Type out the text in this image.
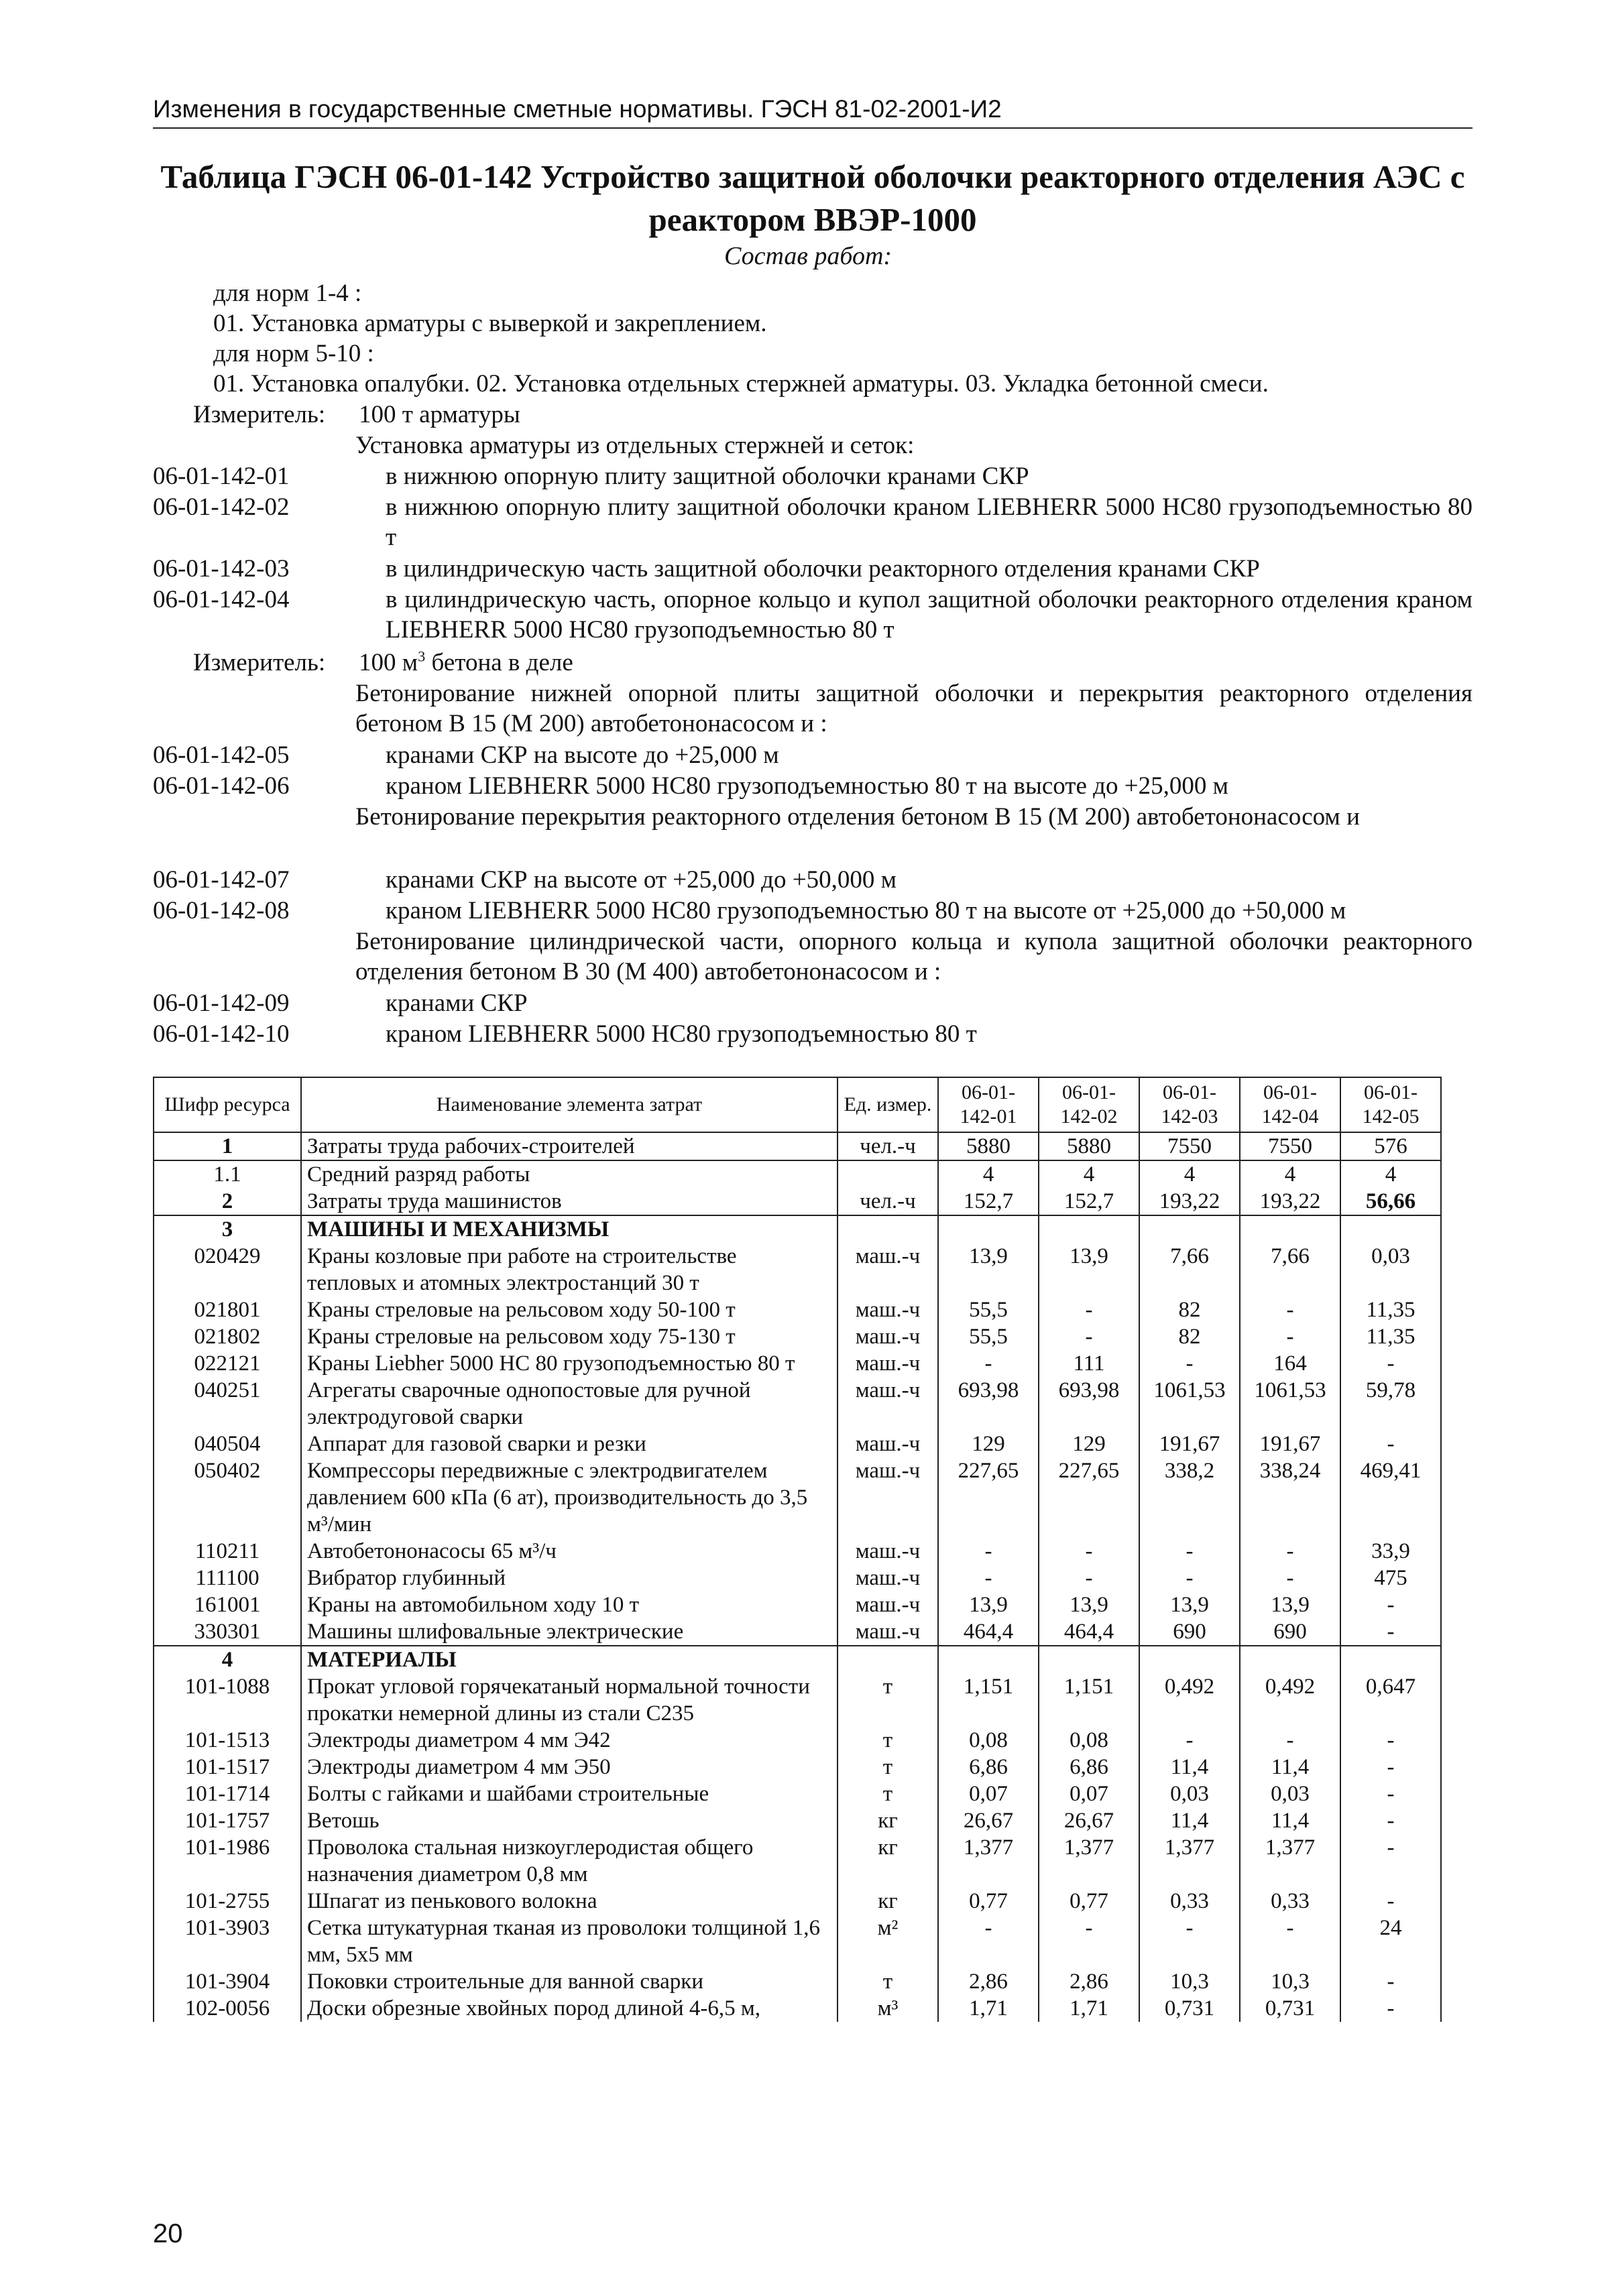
Изменения в государственные сметные нормативы. ГЭСН 81-02-2001-И2
Таблица ГЭСН 06-01-142 Устройство защитной оболочки реакторного отделения АЭС с
реактором ВВЭР-1000
Состав работ:
для норм 1-4 :
01. Установка арматуры с выверкой и закреплением.
для норм 5-10 :
01. Установка опалубки. 02. Установка отдельных стержней арматуры. 03. Укладка бетонной смеси.
Измеритель: 100 т арматуры
Установка арматуры из отдельных стержней и сеток:
06-01-142-01	в нижнюю опорную плиту защитной оболочки кранами СКР
06-01-142-02	в нижнюю опорную плиту защитной оболочки краном LIEBHERR 5000 HC80 грузоподъемностью 80 т
06-01-142-03	в цилиндрическую часть защитной оболочки реакторного отделения кранами СКР
06-01-142-04	в цилиндрическую часть, опорное кольцо и купол защитной оболочки реакторного отделения краном LIEBHERR 5000 HC80 грузоподъемностью 80 т
Измеритель: 100 $м^3$ бетона в деле
Бетонирование нижней опорной плиты защитной оболочки и перекрытия реакторного отделения бетоном В 15 (М 200) автобетононасосом и :
06-01-142-05	кранами СКР на высоте до +25,000 м
06-01-142-06	краном LIEBHERR 5000 HC80 грузоподъемностью 80 т на высоте до +25,000 м
Бетонирование перекрытия реакторного отделения бетоном В 15 (М 200) автобетононасосом и
06-01-142-07	кранами СКР на высоте от +25,000 до +50,000 м
06-01-142-08	краном LIEBHERR 5000 HC80 грузоподъемностью 80 т на высоте от +25,000 до +50,000 м
Бетонирование цилиндрической части, опорного кольца и купола защитной оболочки реакторного отделения бетоном В 30 (М 400) автобетононасосом и :
06-01-142-09	кранами СКР
06-01-142-10	краном LIEBHERR 5000 HC80 грузоподъемностью 80 т
Шифр ресурса	Наименование элемента затрат	Ед. измер.	06-01-142-01	06-01-142-02	06-01-142-03	06-01-142-04	06-01-142-05
1	Затраты труда рабочих-строителей	чел.-ч	5880	5880	7550	7550	576
1.1	Средний разряд работы		4	4	4	4	4
2	Затраты труда машинистов	чел.-ч	152,7	152,7	193,22	193,22	56,66
3	МАШИНЫ И МЕХАНИЗМЫ						
020429	Краны козловые при работе на строительстве тепловых и атомных электростанций 30 т	маш.-ч	13,9	13,9	7,66	7,66	0,03
021801	Краны стреловые на рельсовом ходу 50-100 т	маш.-ч	55,5	-	82	-	11,35
021802	Краны стреловые на рельсовом ходу 75-130 т	маш.-ч	55,5	-	82	-	11,35
022121	Краны Liebher 5000 HC 80 грузоподъемностью 80 т	маш.-ч	-	111	-	164	-
040251	Агрегаты сварочные однопостовые для ручной электродуговой сварки	маш.-ч	693,98	693,98	1061,53	1061,53	59,78
040504	Аппарат для газовой сварки и резки	маш.-ч	129	129	191,67	191,67	-
050402	Компрессоры передвижные с электродвигателем давлением 600 кПа (6 ат), производительность до 3,5 м³/мин	маш.-ч	227,65	227,65	338,2	338,24	469,41
110211	Автобетононасосы 65 м³/ч	маш.-ч	-	-	-	-	33,9
111100	Вибратор глубинный	маш.-ч	-	-	-	-	475
161001	Краны на автомобильном ходу 10 т	маш.-ч	13,9	13,9	13,9	13,9	-
330301	Машины шлифовальные электрические	маш.-ч	464,4	464,4	690	690	-
4	МАТЕРИАЛЫ						
101-1088	Прокат угловой горячекатаный нормальной точности прокатки немерной длины из стали С235	т	1,151	1,151	0,492	0,492	0,647
101-1513	Электроды диаметром 4 мм Э42	т	0,08	0,08	-	-	-
101-1517	Электроды диаметром 4 мм Э50	т	6,86	6,86	11,4	11,4	-
101-1714	Болты с гайками и шайбами строительные	т	0,07	0,07	0,03	0,03	-
101-1757	Ветошь	кг	26,67	26,67	11,4	11,4	-
101-1986	Проволока стальная низкоуглеродистая общего назначения диаметром 0,8 мм	кг	1,377	1,377	1,377	1,377	-
101-2755	Шпагат из пенькового волокна	кг	0,77	0,77	0,33	0,33	-
101-3903	Сетка штукатурная тканая из проволоки толщиной 1,6 мм, 5х5 мм	м²	-	-	-	-	24
101-3904	Поковки строительные для ванной сварки	т	2,86	2,86	10,3	10,3	-
102-0056	Доски обрезные хвойных пород длиной 4-6,5 м,	м³	1,71	1,71	0,731	0,731	-
20
